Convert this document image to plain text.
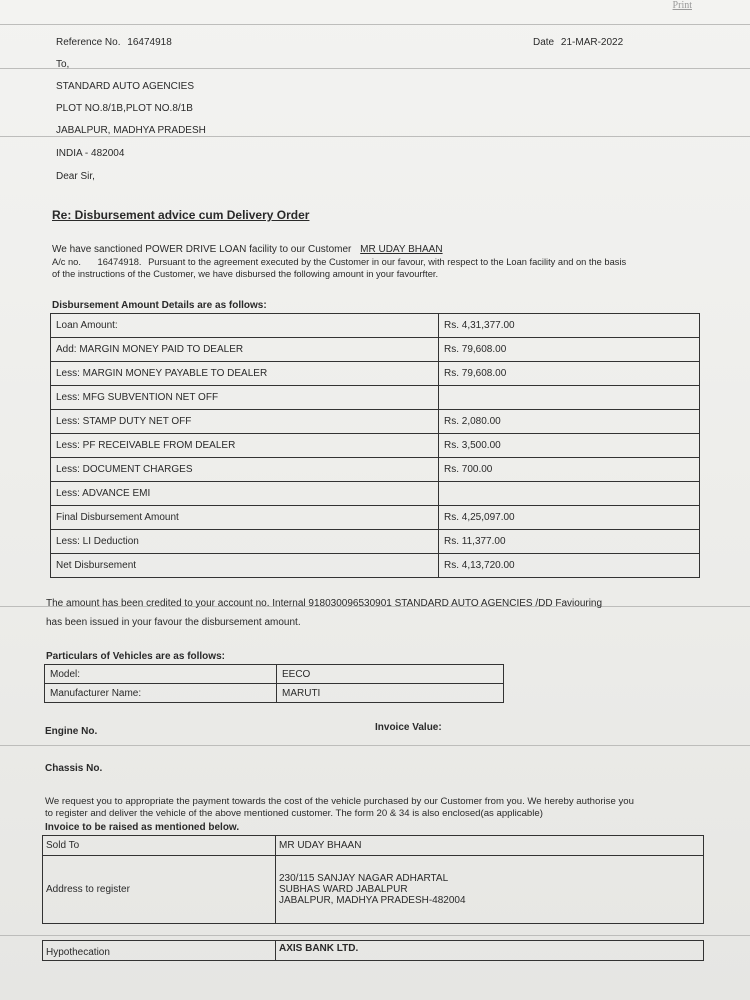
Print
Reference No. 16474918	Date 21-MAR-2022
To,
STANDARD AUTO AGENCIES
PLOT NO.8/1B,PLOT NO.8/1B
JABALPUR, MADHYA PRADESH
INDIA - 482004
Dear Sir,
Re: Disbursement advice cum Delivery Order
We have sanctioned POWER DRIVE LOAN facility to our Customer MR UDAY BHAAN
A/c no. 16474918. Pursuant to the agreement executed by the Customer in our favour, with respect to the Loan facility and on the basis
of the instructions of the Customer, we have disbursed the following amount in your favourfter.
Disbursement Amount Details are as follows:
Loan Amount:	Rs. 4,31,377.00
Add: MARGIN MONEY PAID TO DEALER	Rs. 79,608.00
Less: MARGIN MONEY PAYABLE TO DEALER	Rs. 79,608.00
Less: MFG SUBVENTION NET OFF	
Less: STAMP DUTY NET OFF	Rs. 2,080.00
Less: PF RECEIVABLE FROM DEALER	Rs. 3,500.00
Less: DOCUMENT CHARGES	Rs. 700.00
Less: ADVANCE EMI	
Final Disbursement Amount	Rs. 4,25,097.00
Less: LI Deduction	Rs. 11,377.00
Net Disbursement	Rs. 4,13,720.00
The amount has been credited to your account no. Internal 918030096530901 STANDARD AUTO AGENCIES /DD Faviouring
has been issued in your favour the disbursement amount.
Particulars of Vehicles are as follows:
Model:	EECO
Manufacturer Name:	MARUTI
Engine No.	Invoice Value:
Chassis No.
We request you to appropriate the payment towards the cost of the vehicle purchased by our Customer from you. We hereby authorise you
to register and deliver the vehicle of the above mentioned customer. The form 20 & 34 is also enclosed(as applicable)
Invoice to be raised as mentioned below.
Sold To	MR UDAY BHAAN
Address to register	230/115 SANJAY NAGAR ADHARTAL
SUBHAS WARD JABALPUR
JABALPUR, MADHYA PRADESH-482004
Hypothecation	AXIS BANK LTD.
